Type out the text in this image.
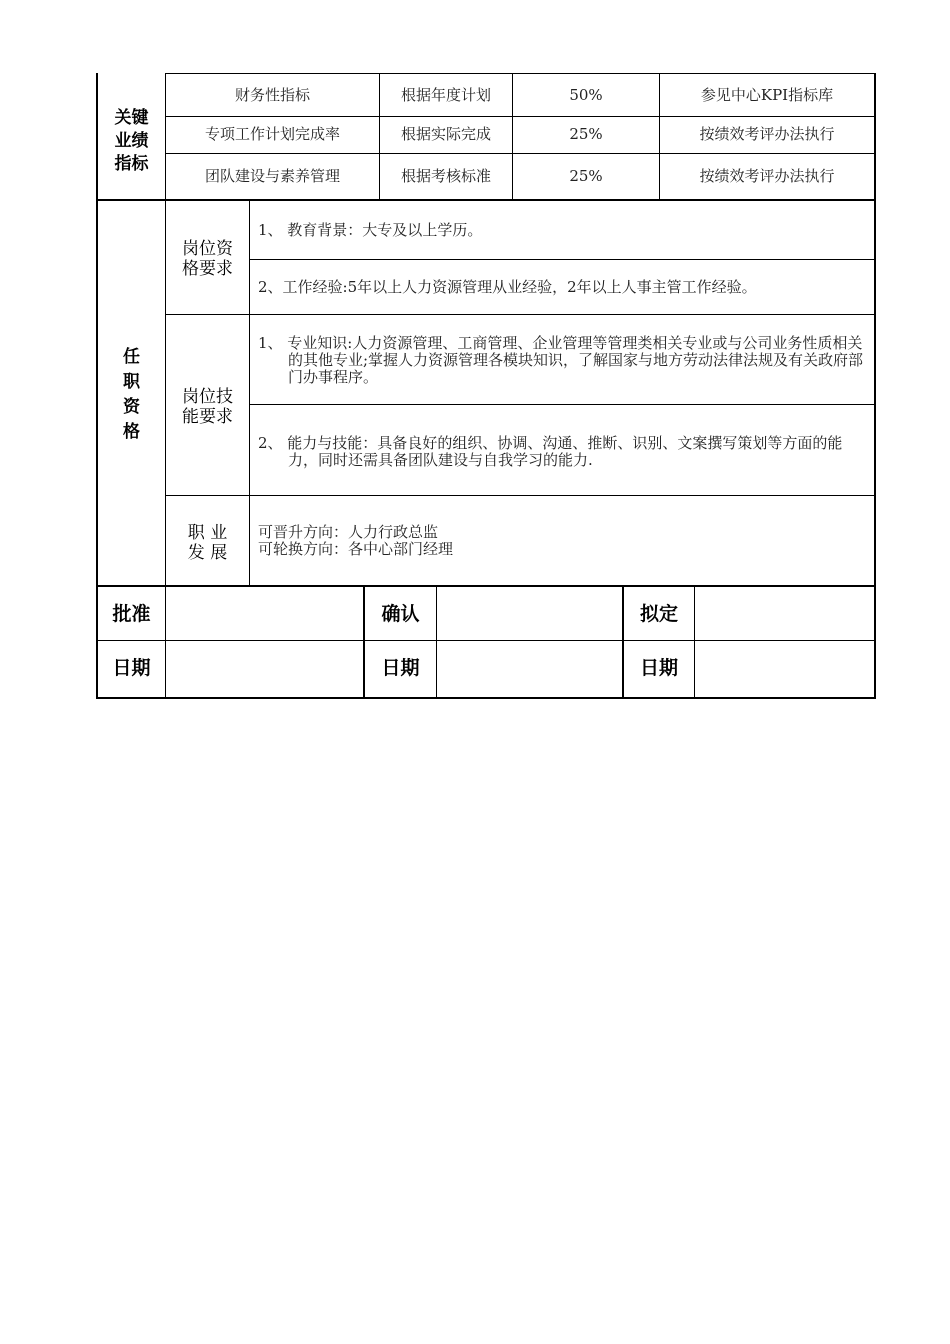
关键
业绩
指标
财务性指标	根据年度计划	50%	参见中心KPI指标库
专项工作计划完成率	根据实际完成	25%	按绩效考评办法执行
团队建设与素养管理	根据考核标准	25%	按绩效考评办法执行
任
职
资
格
岗位资
格要求
1、 教育背景：大专及以上学历。
2、工作经验:5年以上人力资源管理从业经验，2年以上人事主管工作经验。
岗位技
能要求
1、 专业知识:人力资源管理、工商管理、企业管理等管理类相关专业或与公司业务性质相关的其他专业;掌握人力资源管理各模块知识，了解国家与地方劳动法律法规及有关政府部门办事程序。
2、 能力与技能：具备良好的组织、协调、沟通、推断、识别、文案撰写策划等方面的能力，同时还需具备团队建设与自我学习的能力.
职 业
发 展
可晋升方向：人力行政总监
可轮换方向：各中心部门经理
批准	确认	拟定
日期	日期	日期
